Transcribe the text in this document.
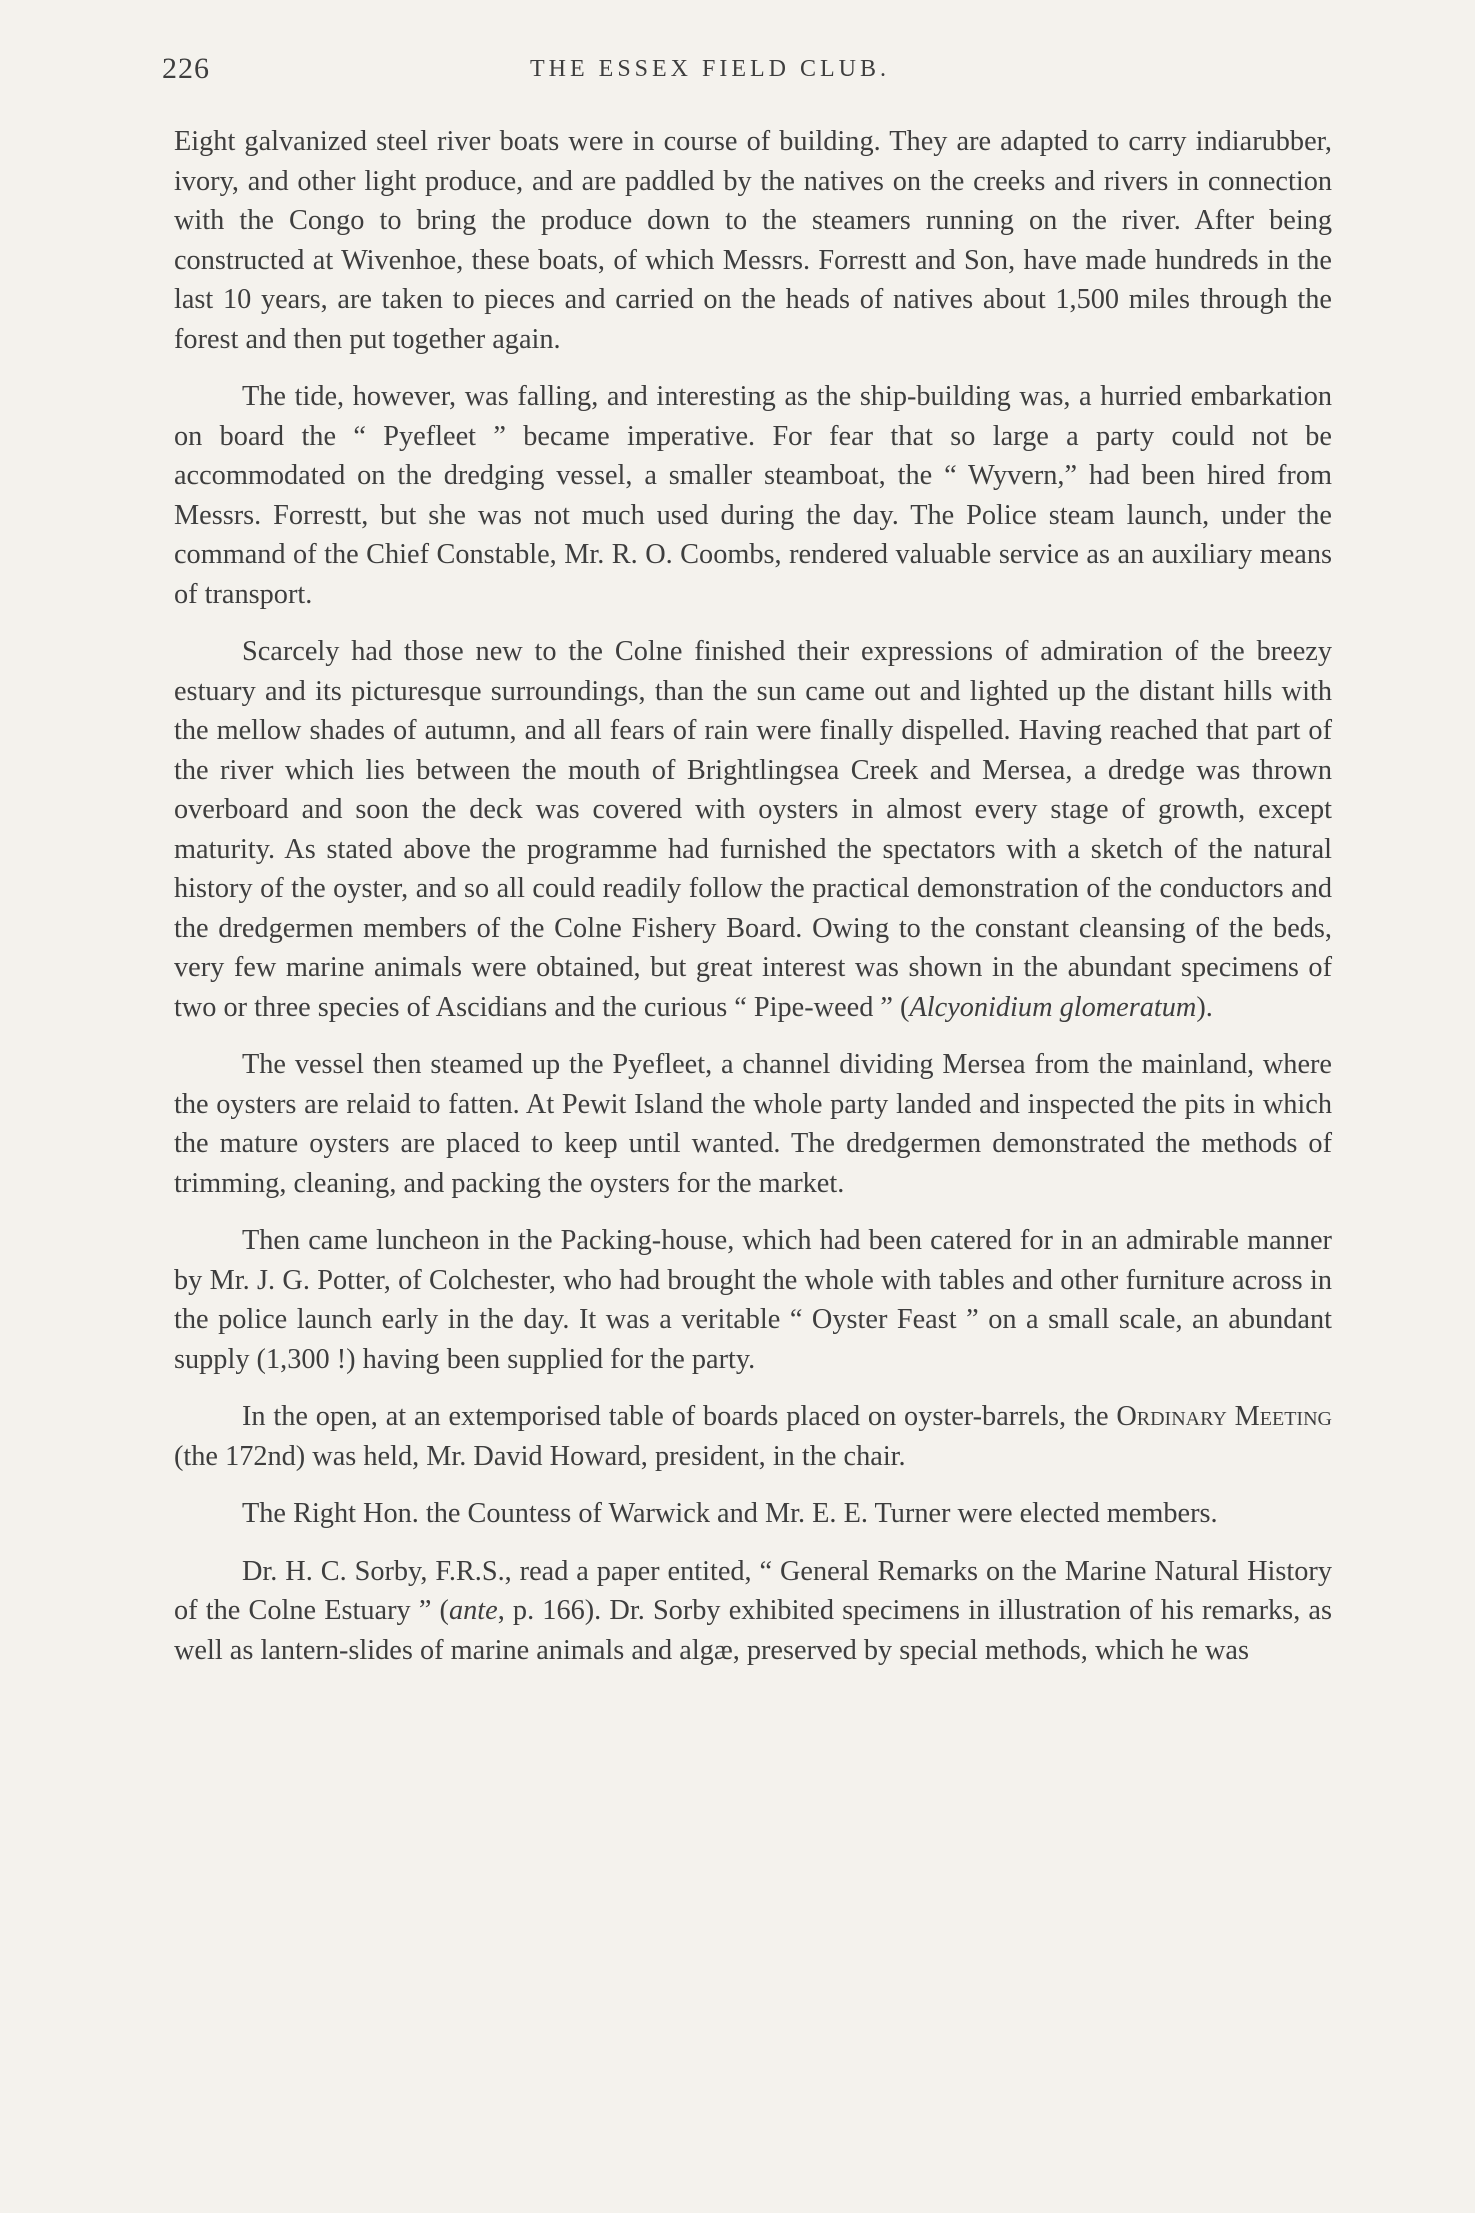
226	THE ESSEX FIELD CLUB.

Eight galvanized steel river boats were in course of building. They are adapted to carry indiarubber, ivory, and other light produce, and are paddled by the natives on the creeks and rivers in connection with the Congo to bring the produce down to the steamers running on the river. After being constructed at Wivenhoe, these boats, of which Messrs. Forrestt and Son, have made hundreds in the last 10 years, are taken to pieces and carried on the heads of natives about 1,500 miles through the forest and then put together again.

The tide, however, was falling, and interesting as the ship-building was, a hurried embarkation on board the “ Pyefleet ” became imperative. For fear that so large a party could not be accommodated on the dredging vessel, a smaller steamboat, the “ Wyvern,” had been hired from Messrs. Forrestt, but she was not much used during the day. The Police steam launch, under the command of the Chief Constable, Mr. R. O. Coombs, rendered valuable service as an auxiliary means of transport.

Scarcely had those new to the Colne finished their expressions of admiration of the breezy estuary and its picturesque surroundings, than the sun came out and lighted up the distant hills with the mellow shades of autumn, and all fears of rain were finally dispelled. Having reached that part of the river which lies between the mouth of Brightlingsea Creek and Mersea, a dredge was thrown overboard and soon the deck was covered with oysters in almost every stage of growth, except maturity. As stated above the programme had furnished the spectators with a sketch of the natural history of the oyster, and so all could readily follow the practical demonstration of the conductors and the dredgermen members of the Colne Fishery Board. Owing to the constant cleansing of the beds, very few marine animals were obtained, but great interest was shown in the abundant specimens of two or three species of Ascidians and the curious “ Pipe-weed ” (Alcyonidium glomeratum).

The vessel then steamed up the Pyefleet, a channel dividing Mersea from the mainland, where the oysters are relaid to fatten. At Pewit Island the whole party landed and inspected the pits in which the mature oysters are placed to keep until wanted. The dredgermen demonstrated the methods of trimming, cleaning, and packing the oysters for the market.

Then came luncheon in the Packing-house, which had been catered for in an admirable manner by Mr. J. G. Potter, of Colchester, who had brought the whole with tables and other furniture across in the police launch early in the day. It was a veritable “ Oyster Feast ” on a small scale, an abundant supply (1,300 !) having been supplied for the party.

In the open, at an extemporised table of boards placed on oyster-barrels, the Ordinary Meeting (the 172nd) was held, Mr. David Howard, president, in the chair.

The Right Hon. the Countess of Warwick and Mr. E. E. Turner were elected members.

Dr. H. C. Sorby, F.R.S., read a paper entited, “ General Remarks on the Marine Natural History of the Colne Estuary ” (ante, p. 166). Dr. Sorby exhibited specimens in illustration of his remarks, as well as lantern-slides of marine animals and algæ, preserved by special methods, which he was
